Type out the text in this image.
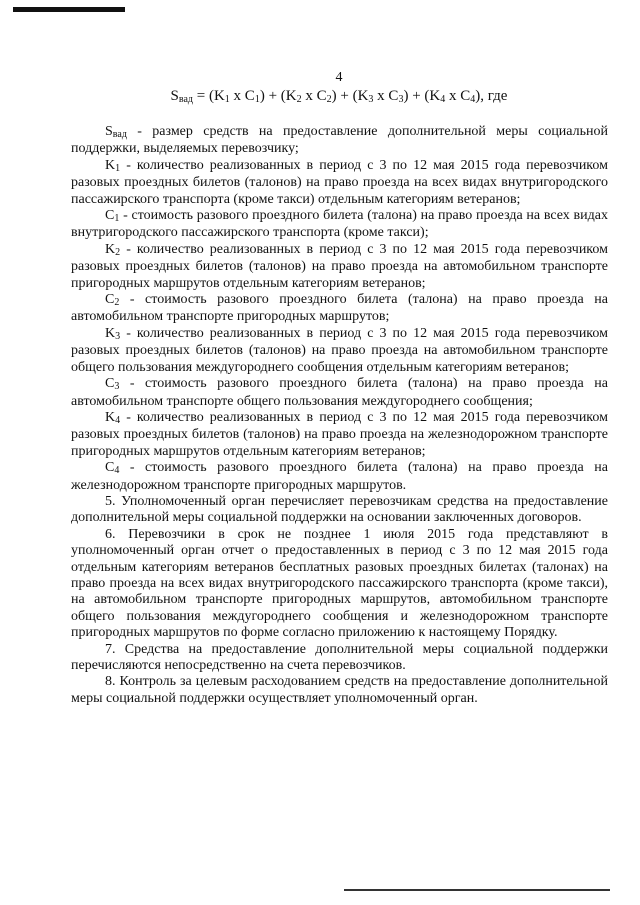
4
Sвад = (K1 x C1) + (K2 x C2) + (K3 x C3) + (K4 x C4), где

Sвад - размер средств на предоставление дополнительной меры социальной поддержки, выделяемых перевозчику;

K1 - количество реализованных в период с 3 по 12 мая 2015 года перевозчиком разовых проездных билетов (талонов) на право проезда на всех видах внутригородского пассажирского транспорта (кроме такси) отдельным категориям ветеранов;

C1 - стоимость разового проездного билета (талона) на право проезда на всех видах внутригородского пассажирского транспорта (кроме такси);

K2 - количество реализованных в период с 3 по 12 мая 2015 года перевозчиком разовых проездных билетов (талонов) на право проезда на автомобильном транспорте пригородных маршрутов отдельным категориям ветеранов;

C2 - стоимость разового проездного билета (талона) на право проезда на автомобильном транспорте пригородных маршрутов;

K3 - количество реализованных в период с 3 по 12 мая 2015 года перевозчиком разовых проездных билетов (талонов) на право проезда на автомобильном транспорте общего пользования междугороднего сообщения отдельным категориям ветеранов;

C3 - стоимость разового проездного билета (талона) на право проезда на автомобильном транспорте общего пользования междугороднего сообщения;

K4 - количество реализованных в период с 3 по 12 мая 2015 года перевозчиком разовых проездных билетов (талонов) на право проезда на железнодорожном транспорте пригородных маршрутов отдельным категориям ветеранов;

C4 - стоимость разового проездного билета (талона) на право проезда на железнодорожном транспорте пригородных маршрутов.

5. Уполномоченный орган перечисляет перевозчикам средства на предоставление дополнительной меры социальной поддержки на основании заключенных договоров.

6. Перевозчики в срок не позднее 1 июля 2015 года представляют в уполномоченный орган отчет о предоставленных в период с 3 по 12 мая 2015 года отдельным категориям ветеранов бесплатных разовых проездных билетах (талонах) на право проезда на всех видах внутригородского пассажирского транспорта (кроме такси), на автомобильном транспорте пригородных маршрутов, автомобильном транспорте общего пользования междугороднего сообщения и железнодорожном транспорте пригородных маршрутов по форме согласно приложению к настоящему Порядку.

7. Средства на предоставление дополнительной меры социальной поддержки перечисляются непосредственно на счета перевозчиков.

8. Контроль за целевым расходованием средств на предоставление дополнительной меры социальной поддержки осуществляет уполномоченный орган.
